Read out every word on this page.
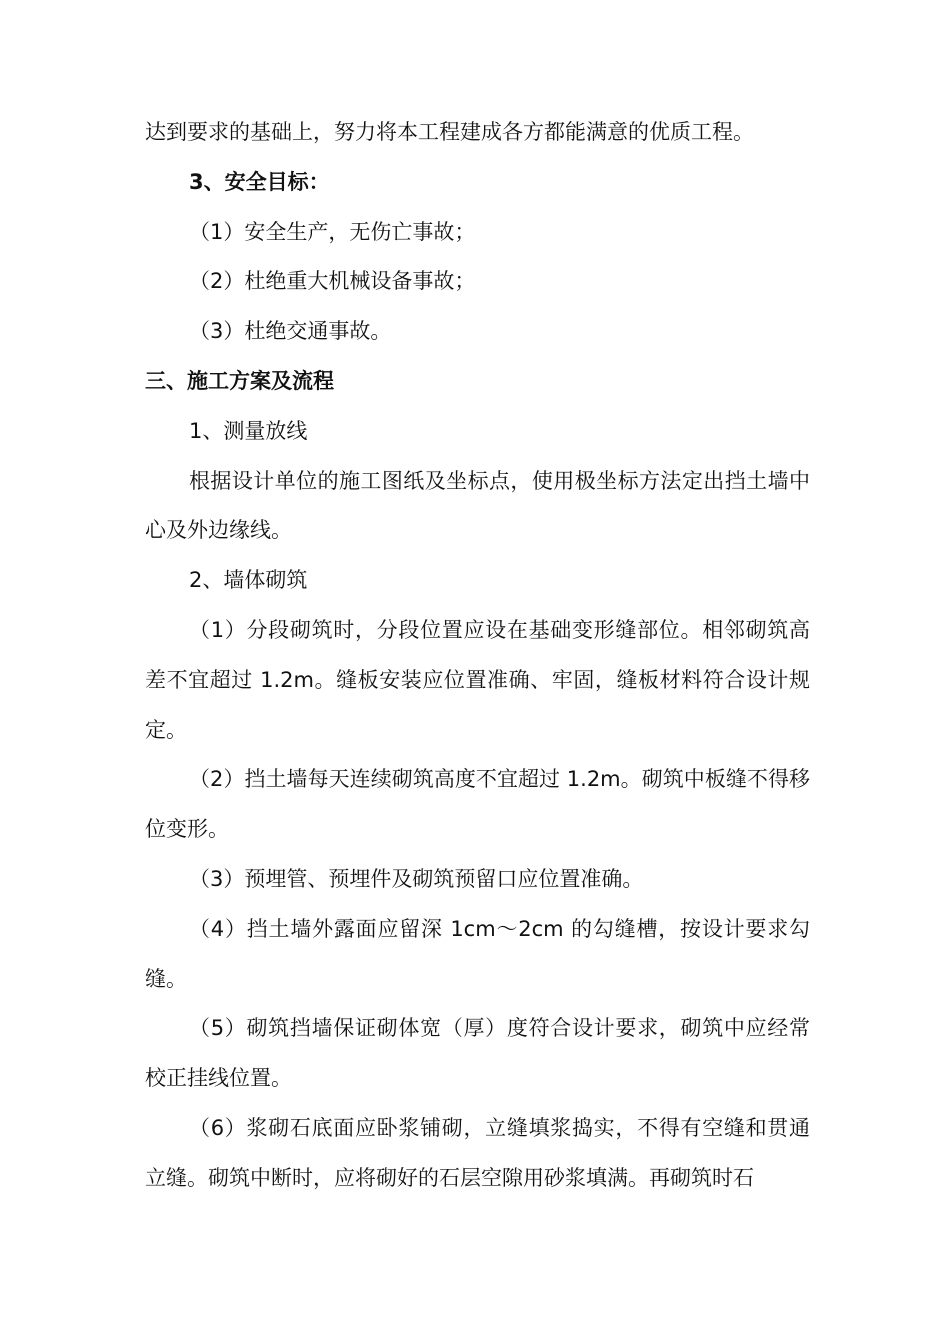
达到要求的基础上，努力将本工程建成各方都能满意的优质工程。

3、安全目标：

（1）安全生产，无伤亡事故；

（2）杜绝重大机械设备事故；

（3）杜绝交通事故。

三、施工方案及流程

1、测量放线

根据设计单位的施工图纸及坐标点，使用极坐标方法定出挡土墙中心及外边缘线。

2、墙体砌筑

（1）分段砌筑时，分段位置应设在基础变形缝部位。相邻砌筑高差不宜超过 1.2m。缝板安装应位置准确、牢固，缝板材料符合设计规定。

（2）挡土墙每天连续砌筑高度不宜超过 1.2m。砌筑中板缝不得移位变形。

（3）预埋管、预埋件及砌筑预留口应位置准确。

（4）挡土墙外露面应留深 1cm～2cm 的勾缝槽，按设计要求勾缝。

（5）砌筑挡墙保证砌体宽（厚）度符合设计要求，砌筑中应经常校正挂线位置。

（6）浆砌石底面应卧浆铺砌，立缝填浆捣实，不得有空缝和贯通立缝。砌筑中断时，应将砌好的石层空隙用砂浆填满。再砌筑时石
